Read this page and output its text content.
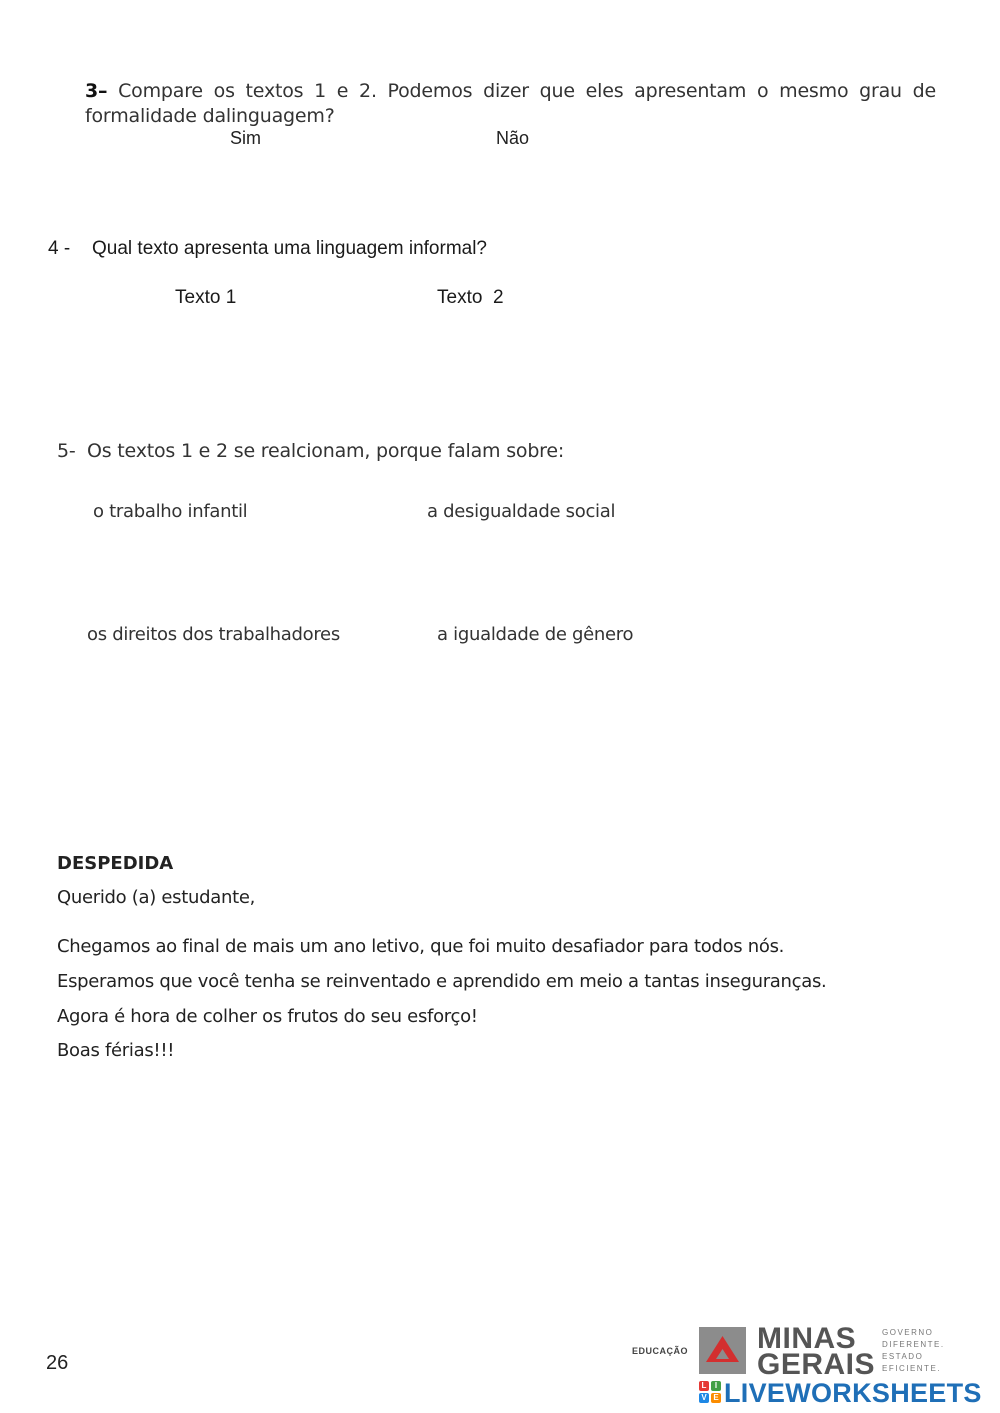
3– Compare os textos 1 e 2. Podemos dizer que eles apresentam o mesmo grau de formalidade dalinguagem?
Sim	Não
4 - Qual texto apresenta uma linguagem informal?
Texto 1	Texto  2
5- Os textos 1 e 2 se realcionam, porque falam sobre:
o trabalho infantil	a desigualdade social
os direitos dos trabalhadores	a igualdade de gênero
DESPEDIDA
Querido (a) estudante,
Chegamos ao final de mais um ano letivo, que foi muito desafiador para todos nós.
Esperamos que você tenha se reinventado e aprendido em meio a tantas inseguranças.
Agora é hora de colher os frutos do seu esforço!
Boas férias!!!
26
EDUCAÇÃO MINAS
GERAIS
GOVERNO
DIFERENTE.
ESTADO
EFICIENTE.
L	I
V E LIVEWORKSHEETS
